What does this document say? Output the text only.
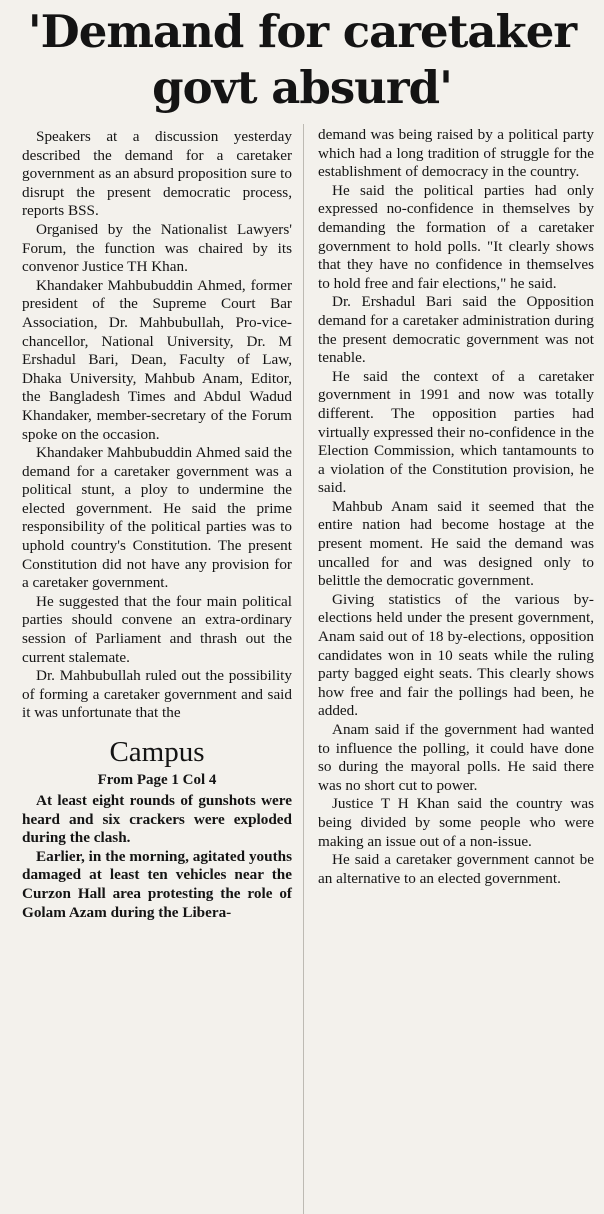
'Demand for caretaker
govt absurd'

Speakers at a discussion yesterday described the demand for a caretaker government as an absurd proposition sure to disrupt the present democratic process, reports BSS.

Organised by the Nationalist Lawyers' Forum, the function was chaired by its convenor Justice TH Khan.

Khandaker Mahbubuddin Ahmed, former president of the Supreme Court Bar Association, Dr. Mahbubullah, Pro-vice-chancellor, National University, Dr. M Ershadul Bari, Dean, Faculty of Law, Dhaka University, Mahbub Anam, Editor, the Bangladesh Times and Abdul Wadud Khandaker, member-secretary of the Forum spoke on the occasion.

Khandaker Mahbubuddin Ahmed said the demand for a caretaker government was a political stunt, a ploy to undermine the elected government. He said the prime responsibility of the political parties was to uphold country's Constitution. The present Constitution did not have any provision for a caretaker government.

He suggested that the four main political parties should convene an extra-ordinary session of Parliament and thrash out the current stalemate.

Dr. Mahbubullah ruled out the possibility of forming a caretaker government and said it was unfortunate that the

Campus
From Page 1 Col 4

At least eight rounds of gunshots were heard and six crackers were exploded during the clash.

Earlier, in the morning, agitated youths damaged at least ten vehicles near the Curzon Hall area protesting the role of Golam Azam during the Libera-

demand was being raised by a political party which had a long tradition of struggle for the establishment of democracy in the country.

He said the political parties had only expressed no-confidence in themselves by demanding the formation of a caretaker government to hold polls. "It clearly shows that they have no confidence in themselves to hold free and fair elections," he said.

Dr. Ershadul Bari said the Opposition demand for a caretaker administration during the present democratic government was not tenable.

He said the context of a caretaker government in 1991 and now was totally different. The opposition parties had virtually expressed their no-confidence in the Election Commission, which tantamounts to a violation of the Constitution provision, he said.

Mahbub Anam said it seemed that the entire nation had become hostage at the present moment. He said the demand was uncalled for and was designed only to belittle the democratic government.

Giving statistics of the various by-elections held under the present government, Anam said out of 18 by-elections, opposition candidates won in 10 seats while the ruling party bagged eight seats. This clearly shows how free and fair the pollings had been, he added.

Anam said if the government had wanted to influence the polling, it could have done so during the mayoral polls. He said there was no short cut to power.

Justice T H Khan said the country was being divided by some people who were making an issue out of a non-issue.

He said a caretaker government cannot be an alternative to an elected government.
